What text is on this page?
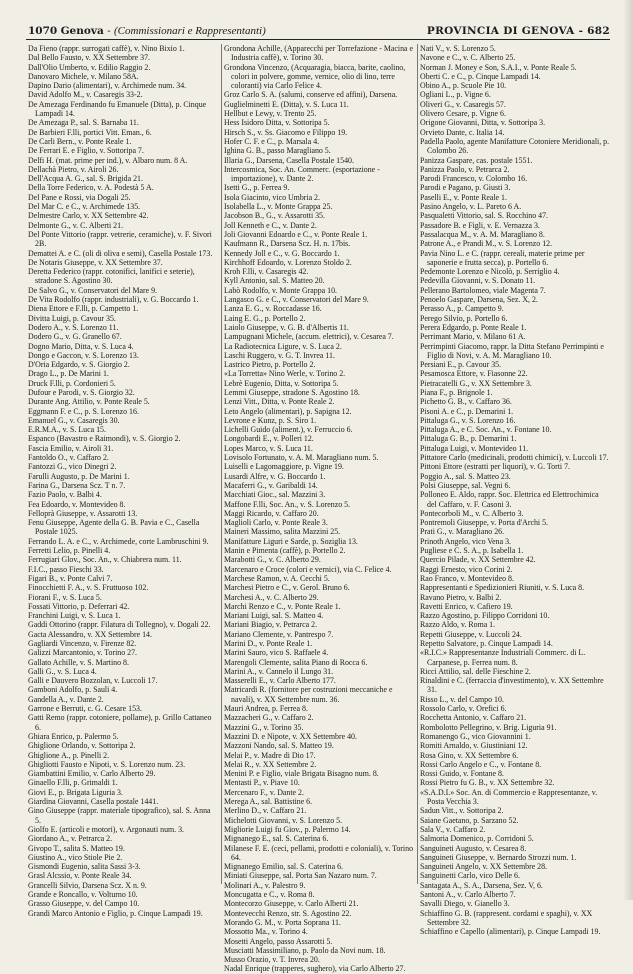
1070 Genova - (Commissionari e Rappresentanti)	PROVINCIA DI GENOVA - 682

Da Fieno (rappr. surrogati caffè), v. Nino Bixio 1.

Dal Bello Fausto, v. XX Settembre 37.

Dall'Olio Umberto, v. Edilio Raggio 2.

Danovaro Michele, v. Milano 58A.

Dapino Dario (alimentari), v. Archimede num. 34.

David Adolfo M., v. Casaregis 33-2.

De Amezaga Ferdinando fu Emanuele (Ditta), p. Cinque Lampadi 14.

De Amezaga P., sal. S. Barnaba 11.

De Barbieri F.lli, portici Vitt. Eman., 6.

De Carli Bern., v. Ponte Reale 1.

De Ferrari E. e Figlio, v. Sottoripa 7.

Delfi H. (mat. prime per ind.), v. Albaro num. 8 A.

Dellachà Pietro, v. Airoli 26.

Dell'Acqua A. G., sal. S. Brigida 21.

Della Torre Federico, v. A. Podestà 5 A.

Del Pane e Rossi, via Dogali 25.

Del Mar C. e C., v. Archimede 135.

Delmestre Carlo, v. XX Settembre 42.

Delmonte G., v. C. Alberti 21.

Del Ponte Vittorio (rappr. vetrerie, ceramiche), v. F. Sivori 2B.

Demattei A. e C. (oli di oliva e semi), Casella Postale 173.

De Notaris Giuseppe, v. XX Settembre 37.

Deretta Federico (rappr. cotonifici, lanifici e seterie), stradone S. Agostino 30.

De Salvo G., v. Conservatori del Mare 9.

De Vita Rodolfo (rappr. industriali), v. G. Boccardo 1.

Diena Ettore e F.lli, p. Campetto 1.

Divitta Luigi, p. Cavour 35.

Dodero A., v. S. Lorenzo 11.

Dodero G., v. G. Granello 67.

Dogno Mario, Ditta, v. S. Luca 4.

Dongo e Gaccon, v. S. Lorenzo 13.

D'Oria Edgardo, v. S. Giorgio 2.

Drago L., p. De Marini 1.

Druck F.lli, p. Cordonieri 5.

Dufour e Parodi, v. S. Giorgio 32.

Durante Ang. Attilio, v. Ponte Reale 5.

Eggmann F. e C., p. S. Lorenzo 16.

Emanuel G., v. Casaregis 30.

E.R.M.A., v. S. Luca 15.

Espanco (Bavastro e Raimondi), v. S. Giorgio 2.

Fascia Emilio, v. Airoli 31.

Fantoldo O., v. Caffaro 2.

Fantozzi G., vico Dinegri 2.

Farulli Augusto, p. De Marini 1.

Farina G., Darsena Scz. T n. 7.

Fazio Paolo, v. Balbi 4.

Fea Edoardo, v. Montevideo 8.

Felloprà Giuseppe, v. Assarotti 13.

Fenu Giuseppe, Agente della G. B. Pavia e C., Casella Postale 1025.

Ferrando L. A. e C., v. Archimede, corte Lambruschini 9.

Ferretti Lelio, p. Pinelli 4.

Ferrugiari Glov., Soc. An., v. Chiabrera num. 11.

F.I.C., passo Fieschi 33.

Figari B., v. Ponte Calvi 7.

Finocchietti F. A., v. S. Fruttuoso 102.

Fiorani F., v. S. Luca 5.

Fossati Vittorio, p. Deferrari 42.

Franchini Luigi, v. S. Luca 1.

Gaddi Ottorino (rappr. Filatura di Tollegno), v. Dogali 22.

Gacta Alessandro, v. XX Settembre 14.

Gagliardi Vincenzo, v. Firenze 82.

Galizzi Marcantonio, v. Torino 27.

Gallato Achille, v. S. Martino 8.

Galli G., v. S. Luca 4.

Galli e Dauvero Bozzolan, v. Luccoli 17.

Gamboni Adolfo, p. Sauli 4.

Gandella A., v. Dante 2.

Garrone e Berruti, c. G. Cesare 153.

Gatti Remo (rappr. cotoniere, pollame), p. Grillo Cattaneo 6.

Ghiara Enrico, p. Palermo 5.

Ghiglione Orlando, v. Sottoripa 2.

Ghiglione A., p. Pinelli 2.

Ghigliotti Fausto e Nipoti, v. S. Lorenzo num. 23.

Giambattini Emilio, v. Carlo Alberto 29.

Ginaello F.lli, p. Grimaldi 1.

Giovi E., p. Brigata Liguria 3.

Giardina Giovanni, Casella postale 1441.

Gino Giuseppe (rappr. materiale tipografico), sal. S. Anna 5.

Giolfo E. (articoli e motori), v. Argonauti num. 3.

Giordano A., v. Petrarca 2.

Givopo T., salita S. Matteo 19.

Giustino A., vico Stiole Pie 2.

Gismondi Eugenio, salita Sassi 3-3.

Grasl Alcssio, v. Ponte Reale 34.

Grancelli Silvio, Darsena Scz. X n. 9.

Grande e Roncallo, v. Volturno 10.

Grasso Giuseppe, v. del Campo 10.

Grandi Marco Antonio e Figlio, p. Cinque Lampadi 19.

Grondona Achille, (Apparecchi per Torrefazione - Macina e Industria caffè), v. Torino 30.

Grondona Vincenzo, (Acquaragia, biacca, barite, caolino, colori in polvere, gomme, vernice, olio di lino, terre coloranti) via Carlo Felice 4.

Groz Carlo S. A. (salumi, conserve ed affini), Darsena.

Guglielminetti E. (Ditta), v. S. Luca 11.

Hellbut e Lewy, v. Trento 25.

Hess Isidoro Ditta, v. Sottoripa 5.

Hirsch S., v. Ss. Giacomo e Filippo 19.

Hofer C. F. e C., p. Marsala 4.

Ighina G. B., passo Maragliano 5.

Illaria G., Darsena, Casella Postale 1540.

Intercosmica, Soc. An. Commerc. (esportazione - importazione), v. Dante 2.

Isetti G., p. Ferrea 9.

Isola Giacinto, vico Umbria 2.

Isolabella L., v. Monte Grappa 25.

Jacobson B., G., v. Assarotti 35.

Joll Kenneth e C., v. Dante 2.

Joli Giovanni Edoardo e C., v. Ponte Reale 1.

Kaufmann R., Darsena Scz. H. n. 17bis.

Kennedy Joll e C., v. G. Boccardo 1.

Kirchhoff Edoardo, v. Lorenzo Stoldo 2.

Kroh F.lli, v. Casaregis 42.

Kyll Antonio, sal. S. Matteo 20.

Labò Rodolfo, v. Monte Grappa 10.

Langasco G. e C., v. Conservatori del Mare 9.

Lanza E. G., v. Roccadasse 16.

Laing E. G., p. Portello 2.

Laiolo Giuseppe, v. G. B. d'Albertis 11.

Lampugnani Michele, (accum. elettrici), v. Cesarea 7.

La Radiotecnica Ligure, v. S. Luca 2.

Laschi Ruggero, v. G. T. Invrea 11.

Lastrico Pietro, p. Portello 2.

«La Torretta» Nino Werle, v. Torino 2.

Lebrè Eugenio, Ditta, v. Sottoripa 5.

Lemmi Giuseppe, stradone S. Agostino 18.

Lenzi Vitt., Ditta, v. Ponte Reale 2.

Leto Angelo (alimentari), p. Sapigna 12.

Levrone e Kunz, p. S. Siro 1.

Lichelli Guido (aliment.), v. Ferruccio 6.

Longobardi E., v. Polleri 12.

Lopes Marco, v. S. Luca 11.

Lovisolo Fortunato, v. A. M. Maragliano num. 5.

Luiselli e Lagomaggiore, p. Vigne 19.

Lusardi Alfre, v. G. Boccardo 1.

Macaferri G., v. Garibaldi 14.

Macchiati Gioc., sal. Mazzini 3.

Maffone F.lli, Soc. An., v. S. Lorenzo 5.

Maggi Ricardo, v. Caffaro 20.

Maglioli Carlo, v. Ponte Reale 3.

Maineri Massimo, salita Mazzini 25.

Manifatture Liguri e Sarde, p. Soziglia 13.

Manin e Pimenta (caffè), p. Portello 2.

Marabotti G., v. C. Alberto 29.

Marcenaro e Croce (colori e vernici), via C. Felice 4.

Marchese Ramon, v. A. Cecchi 5.

Marchesi Pietro e C., v. Gerol. Bruno 6.

Marchesi A., v. C. Alberto 29.

Marchi Renzo e C., v. Ponte Reale 1.

Mariani Luigi, sal. S. Matteo 4.

Mariani Biagio, v. Petrarca 2.

Mariano Clemente, v. Pantrespo 7.

Marini D., v. Ponte Reale 1.

Marini Sauro, vico S. Raffaele 4.

Marengoli Clemente, salita Piano di Rocca 6.

Marini A., v. Cannelo il Lungo 31.

Masserelli E., v. Carlo Alberto 177.

Matricardi R. (fornitore per costruzioni meccaniche e navali), v. XX Settembre num. 36.

Mauri Andrea, p. Ferrea 8.

Mazzacheri G., v. Caffaro 2.

Mazzini G., v. Torino 35.

Mazzini D. e Nipote, v. XX Settembre 40.

Mazzoni Nando, sal. S. Matteo 19.

Melai P., v. Madre di Dio 17.

Melai R., v. XX Settembre 2.

Menini P. e Figlio, viale Brigata Bisagno num. 8.

Mentasti P., v. Piave 10.

Mercenaro F., v. Dante 2.

Merega A., sal. Battistine 6.

Merlino D., v. Caffaro 21.

Michelotti Giovanni, v. S. Lorenzo 5.

Migliorie Luigi fu Giov., p. Palermo 14.

Mignanego E., sal. S. Caterina 6.

Milanese F. E. (ceci, pellami, prodotti e coloniali), v. Torino 64.

Mignanego Emilio, sal. S. Caterina 6.

Miniati Giuseppe, sal. Porta San Nazaro num. 7.

Molinari A., v. Palestro 9.

Moncugatta e C., v. Roma 8.

Montecorzo Giuseppe, v. Carlo Alberti 21.

Montevecchi Renzo, str. S. Agostino 22.

Morando G. M., v. Porta Soprana 11.

Mossotto Ma., v. Torino 4.

Mosetti Angelo, passo Assarotti 5.

Musciatti Massimiliano, p. Paolo da Novi num. 18.

Musso Orazio, v. T. Invrea 20.

Nadal Enrique (trapperes, sughero), via Carlo Alberto 27.

Nati V., v. S. Lorenzo 5.

Navone e C., v. C. Alberto 25.

Norman J. Money e Son, S.A.I., v. Ponte Reale 5.

Oberti C. e C., p. Cinque Lampadi 14.

Obino A., p. Scuole Pie 10.

Ogliani L., p. Vigne 6.

Oliveri G., v. Casaregis 57.

Olivero Cesare, p. Vigne 6.

Origone Giovanni, Ditta, v. Sottoripa 3.

Orvieto Dante, c. Italia 14.

Padella Paolo, agente Manifatture Cotoniere Meridionali, p. Colombo 26.

Panizza Gaspare, cas. postale 1551.

Panizza Paolo, v. Petrarca 2.

Parodi Francesco, v. Colombo 16.

Parodi e Pagano, p. Giusti 3.

Paselli E., v. Ponte Reale 1.

Pasino Angelo, v. L. Pareto 6 A.

Pasqualetti Vittorio, sal. S. Rocchino 47.

Passadore B. e Figli, v. E. Vernazza 3.

Passalacqua M., v. A. M. Maragliano 8.

Patrone A., e Prandi M., v. S. Lorenzo 12.

Pavia Nino L. e C. (rappr. cereali, materie prime per saponerie e frutta secca), p. Portello 6.

Pedemonte Lorenzo e Nicolò, p. Serriglio 4.

Pedevilla Giovanni, v. S. Donato 11.

Pellerano Bartolomeo, viale Magenta 7.

Penoelo Gaspare, Darsena, Sez. X, 2.

Perasso A., p. Campetto 9.

Perego Silvio, p. Portello 6.

Perera Edgardo, p. Ponte Reale 1.

Perrimant Mario, v. Milano 61 A.

Perrimpinti Giacomo, rappr. la Ditta Stefano Perrimpinti e Figlio di Novi, v. A. M. Maragliano 10.

Persiani E., p. Cavour 35.

Pesamosca Ettore, v. Fiasonne 22.

Pietracatelli G., v. XX Settembre 3.

Piana F., p. Brignole 1.

Pichetto G. B., v. Caffaro 36.

Pisoni A. e C., p. Demarini 1.

Pittaluga G., v. S. Lorenzo 16.

Pittaluga A., e C. Soc. An., v. Fontane 10.

Pittaluga G. B., p. Demarini 1.

Pittaluga Luigi, v. Montevideo 11.

Pittatore Carlo (medicinali, prodotti chimici), v. Luccoli 17.

Pittoni Ettore (estratti per liquori), v. G. Torti 7.

Poggio A., sal. S. Matteo 23.

Polsi Giuseppe, sal. Vegni 6.

Polloneo E. Aldo, rappr. Soc. Elettrica ed Elettrochimica del Caffaro, v. F. Casoni 3.

Pontecorboli M., v. C. Alberto 3.

Pontremoli Giuseppe, v. Porta d'Archi 5.

Prati G., v. Maragliano 26.

Prinoth Angelo, vico Vena 3.

Pugliese e C. S. A., p. Isabella 1.

Quercio Pilade, v. XX Settembre 42.

Raggi Ernesto, vico Corini 2.

Rao Franco, v. Montevideo 8.

Rappresentanti e Spedizionieri Riuniti, v. S. Luca 8.

Ravano Pietro, v. Balbi 2.

Ravetti Enrico, v. Cafiero 19.

Razzo Agostino, p. Filippo Corridoni 10.

Razzo Aldo, v. Roma 1.

Repetti Giuseppe, v. Luccoli 24.

Repetto Salvatore, p. Cinque Lampadi 14.

«R.I.C.» Rappresentanze Industriali Commerc. di L. Carpanese, p. Ferrea num. 8.

Ricci Attilio, sal. delle Fieschine 2.

Rinaldini e C. (ferraccia d'investimento), v. XX Settembre 31.

Risso L., v. del Campo 10.

Rossolo Carlo, v. Orefici 6.

Rocchetta Antonio, v. Caffaro 21.

Rombolotto Pellegrino, v. Brig. Liguria 91.

Romanengo G., vico Giovannini 1.

Romiti Arnaldo, v. Giustiniani 12.

Rosa Gino, v. XX Settembre 6.

Rossi Carlo Angelo e C., v. Fontane 8.

Rossi Guido, v. Fontane 8.

Rossi Pietro fu G. B., v. XX Settembre 32.

«S.A.D.I.» Soc. An. di Commercio e Rappresentanze, v. Posta Vecchia 3.

Sadun Vitt., v. Sottoripa 2.

Saiane Gaetano, p. Sarzano 52.

Sala V., v. Caffaro 2.

Salmoria Domenico, p. Corridoni 5.

Sanguineti Augusto, v. Cesarea 8.

Sanguineti Giuseppe, v. Bernardo Strozzi num. 1.

Sanguineti Angelo, v. XX Settembre 28.

Sanguinetti Carlo, vico Delle 6.

Santagata A., S. A., Darsena, Sez. V, 6.

Santoni A., v. Carlo Alberto 7.

Savalli Diego, v. Gianello 3.

Schiaffino G. B. (rappresent. cordami e spaghi), v. XX Settembre 32.

Schiaffino e Capello (alimentari), p. Cinque Lampadi 19.
